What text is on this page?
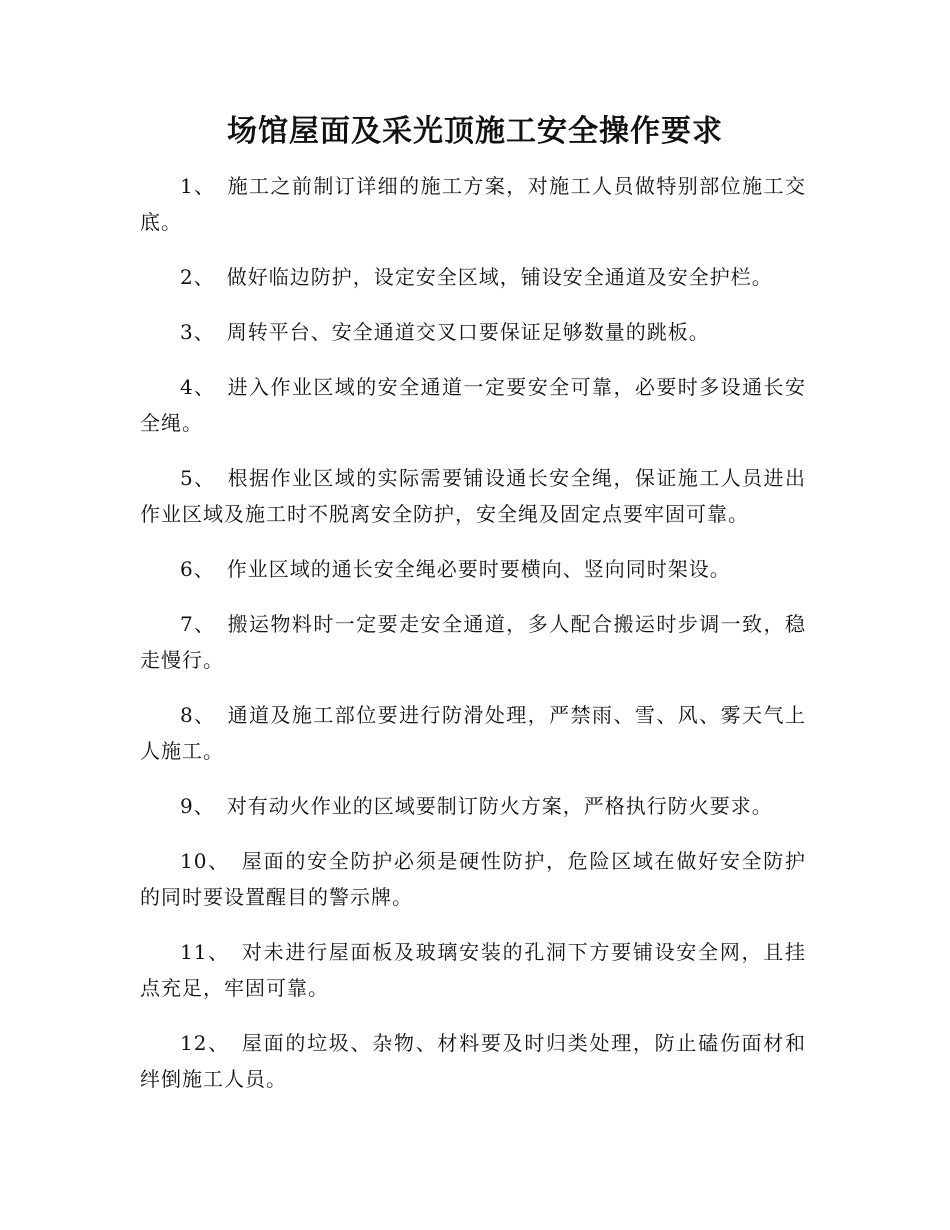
场馆屋面及采光顶施工安全操作要求
1、 施工之前制订详细的施工方案，对施工人员做特别部位施工交底。
2、 做好临边防护，设定安全区域，铺设安全通道及安全护栏。
3、 周转平台、安全通道交叉口要保证足够数量的跳板。
4、 进入作业区域的安全通道一定要安全可靠，必要时多设通长安全绳。
5、 根据作业区域的实际需要铺设通长安全绳，保证施工人员进出作业区域及施工时不脱离安全防护，安全绳及固定点要牢固可靠。
6、 作业区域的通长安全绳必要时要横向、竖向同时架设。
7、 搬运物料时一定要走安全通道，多人配合搬运时步调一致，稳走慢行。
8、 通道及施工部位要进行防滑处理，严禁雨、雪、风、雾天气上人施工。
9、 对有动火作业的区域要制订防火方案，严格执行防火要求。
10、 屋面的安全防护必须是硬性防护，危险区域在做好安全防护的同时要设置醒目的警示牌。
11、 对未进行屋面板及玻璃安装的孔洞下方要铺设安全网，且挂点充足，牢固可靠。
12、 屋面的垃圾、杂物、材料要及时归类处理，防止磕伤面材和绊倒施工人员。
